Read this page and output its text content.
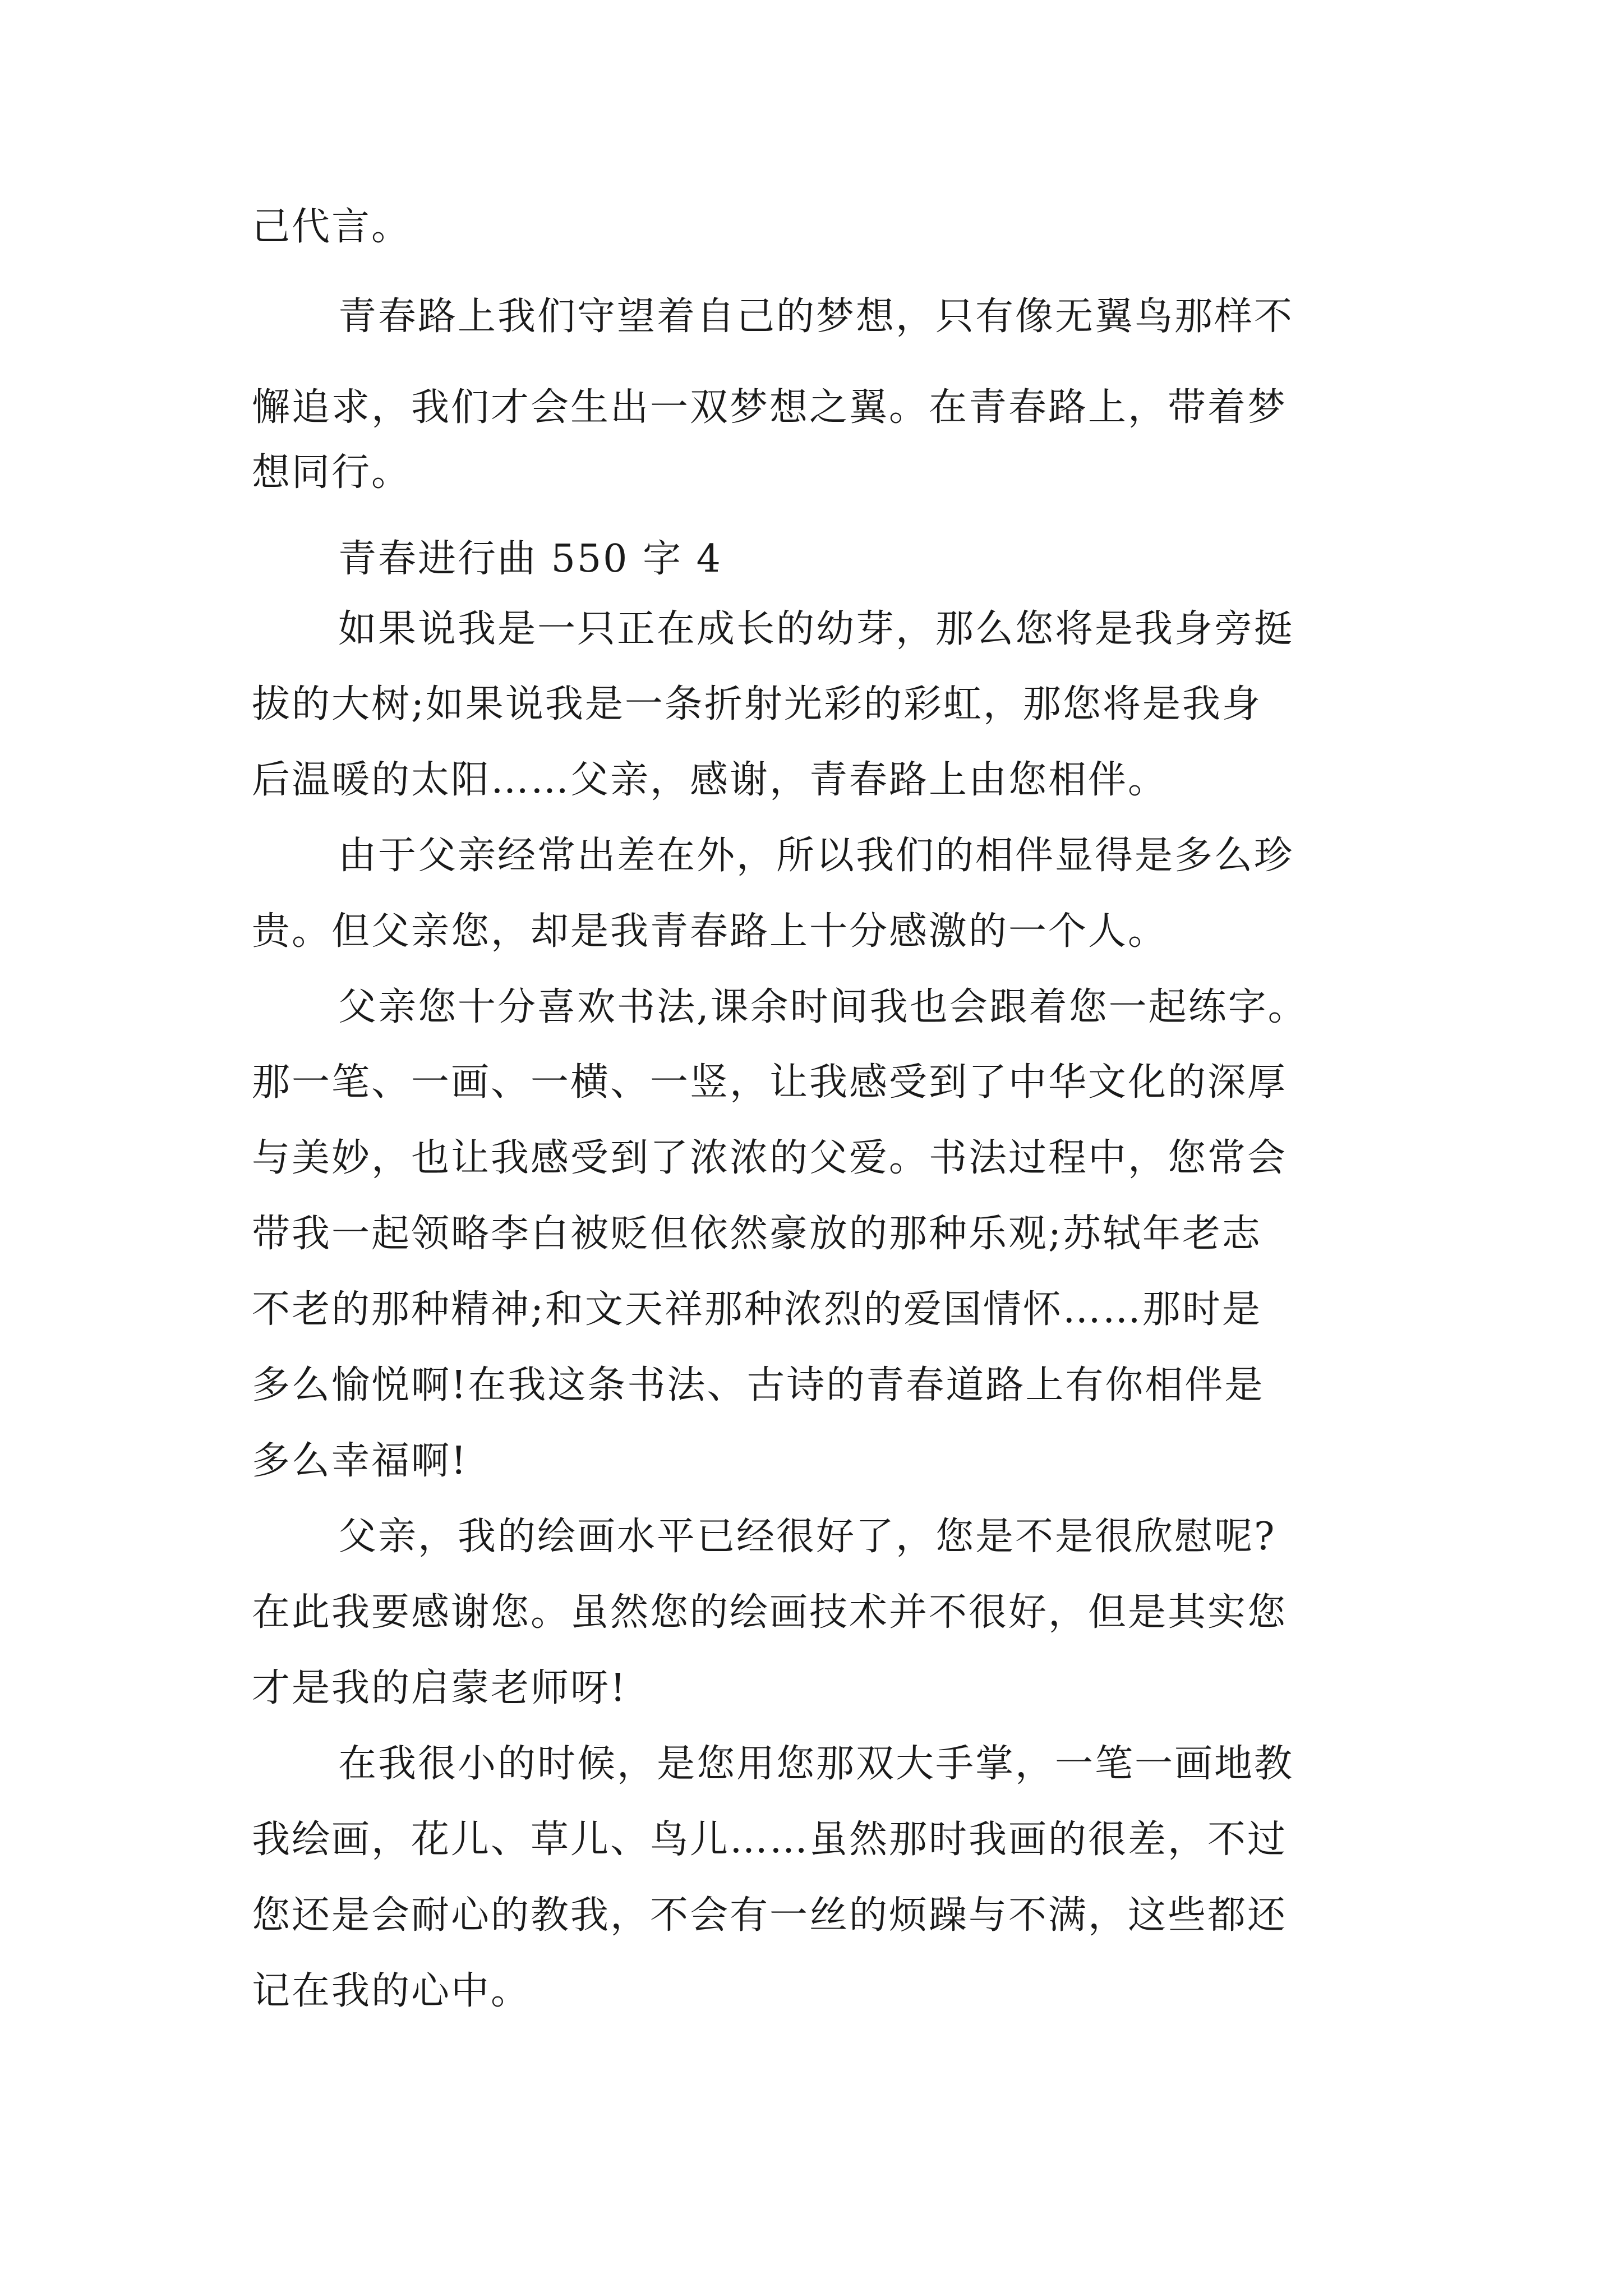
己代言。
青春路上我们守望着自己的梦想，只有像无翼鸟那样不
懈追求，我们才会生出一双梦想之翼。在青春路上，带着梦
想同行。
青春进行曲 550 字 4
如果说我是一只正在成长的幼芽，那么您将是我身旁挺
拔的大树;如果说我是一条折射光彩的彩虹，那您将是我身
后温暖的太阳……父亲，感谢，青春路上由您相伴。
由于父亲经常出差在外，所以我们的相伴显得是多么珍
贵。但父亲您，却是我青春路上十分感激的一个人。
父亲您十分喜欢书法,课余时间我也会跟着您一起练字。
那一笔、一画、一横、一竖，让我感受到了中华文化的深厚
与美妙，也让我感受到了浓浓的父爱。书法过程中，您常会
带我一起领略李白被贬但依然豪放的那种乐观;苏轼年老志
不老的那种精神;和文天祥那种浓烈的爱国情怀……那时是
多么愉悦啊!在我这条书法、古诗的青春道路上有你相伴是
多么幸福啊!
父亲，我的绘画水平已经很好了，您是不是很欣慰呢?
在此我要感谢您。虽然您的绘画技术并不很好，但是其实您
才是我的启蒙老师呀!
在我很小的时候，是您用您那双大手掌，一笔一画地教
我绘画，花儿、草儿、鸟儿……虽然那时我画的很差，不过
您还是会耐心的教我，不会有一丝的烦躁与不满，这些都还
记在我的心中。
